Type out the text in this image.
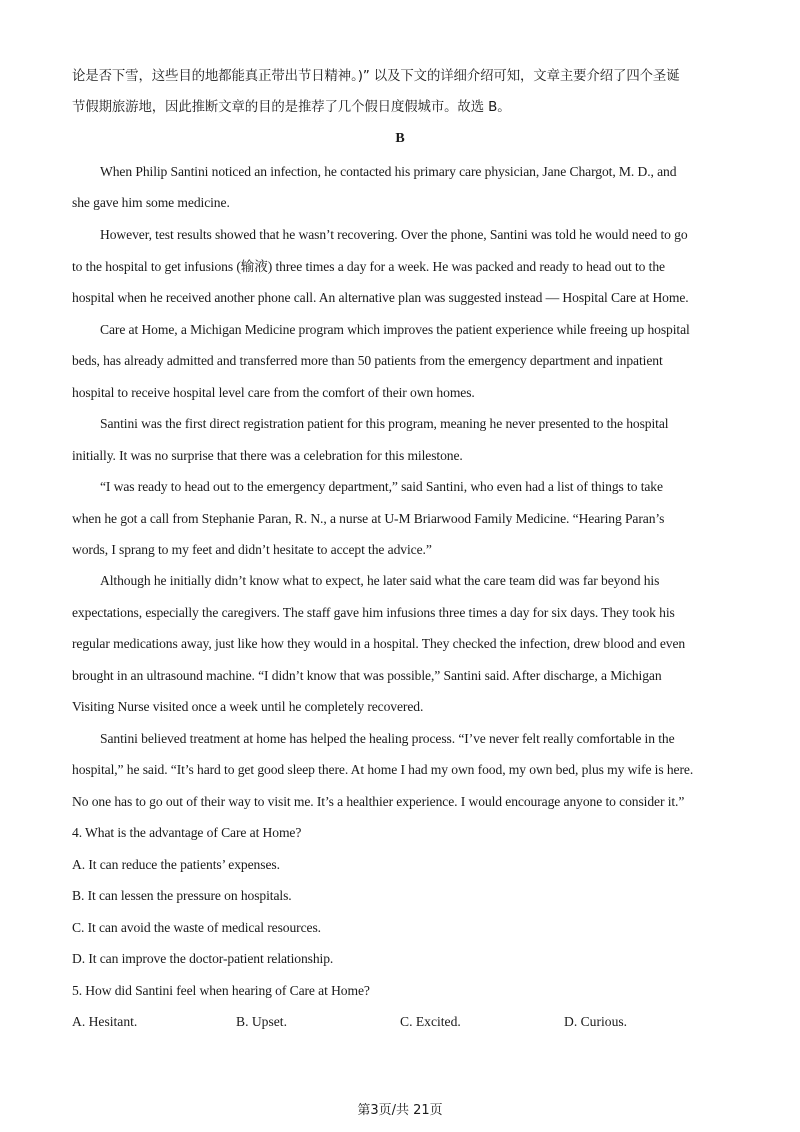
论是否下雪，这些目的地都能真正带出节日精神。)” 以及下文的详细介绍可知，文章主要介绍了四个圣诞
节假期旅游地，因此推断文章的目的是推荐了几个假日度假城市。故选 B。
B
When Philip Santini noticed an infection, he contacted his primary care physician, Jane Chargot, M. D., and
she gave him some medicine.
However, test results showed that he wasn’t recovering. Over the phone, Santini was told he would need to go
to the hospital to get infusions (输液) three times a day for a week. He was packed and ready to head out to the
hospital when he received another phone call. An alternative plan was suggested instead — Hospital Care at Home.
Care at Home, a Michigan Medicine program which improves the patient experience while freeing up hospital
beds, has already admitted and transferred more than 50 patients from the emergency department and inpatient
hospital to receive hospital level care from the comfort of their own homes.
Santini was the first direct registration patient for this program, meaning he never presented to the hospital
initially. It was no surprise that there was a celebration for this milestone.
“I was ready to head out to the emergency department,” said Santini, who even had a list of things to take
when he got a call from Stephanie Paran, R. N., a nurse at U-M Briarwood Family Medicine. “Hearing Paran’s
words, I sprang to my feet and didn’t hesitate to accept the advice.”
Although he initially didn’t know what to expect, he later said what the care team did was far beyond his
expectations, especially the caregivers. The staff gave him infusions three times a day for six days. They took his
regular medications away, just like how they would in a hospital. They checked the infection, drew blood and even
brought in an ultrasound machine. “I didn’t know that was possible,” Santini said. After discharge, a Michigan
Visiting Nurse visited once a week until he completely recovered.
Santini believed treatment at home has helped the healing process. “I’ve never felt really comfortable in the
hospital,” he said. “It’s hard to get good sleep there. At home I had my own food, my own bed, plus my wife is here.
No one has to go out of their way to visit me. It’s a healthier experience. I would encourage anyone to consider it.”
4. What is the advantage of Care at Home?
A. It can reduce the patients’ expenses.
B. It can lessen the pressure on hospitals.
C. It can avoid the waste of medical resources.
D. It can improve the doctor-patient relationship.
5. How did Santini feel when hearing of Care at Home?
A. Hesitant.	B. Upset.	C. Excited.	D. Curious.
第3页/共 21页
